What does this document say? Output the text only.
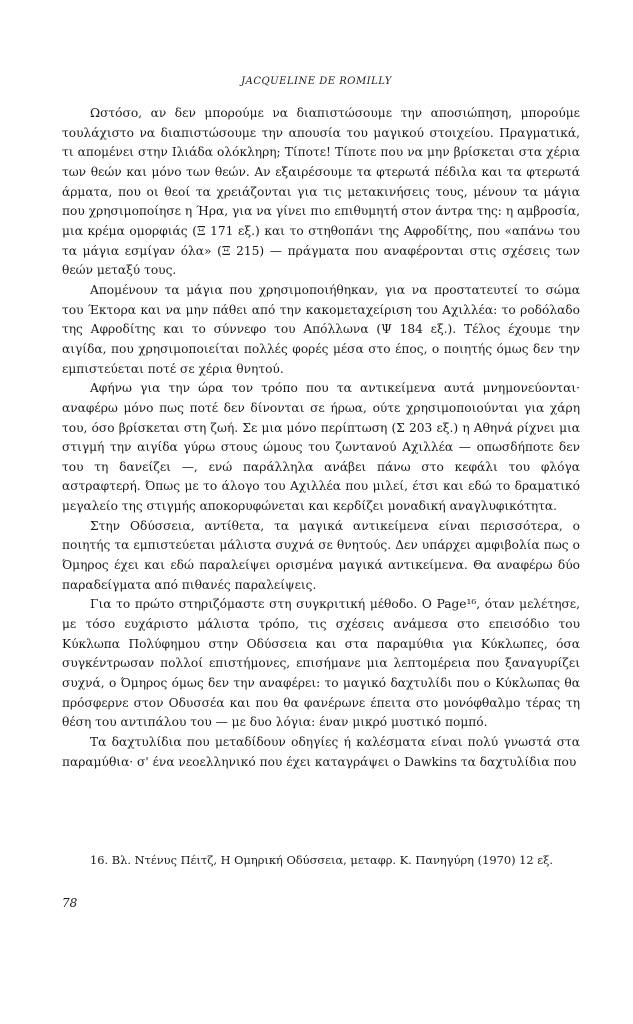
JACQUELINE DE ROMILLY

Ωστόσο, αν δεν μπορούμε να διαπιστώσουμε την αποσιώπηση, μπορούμε τουλάχιστο να διαπιστώσουμε την απουσία του μαγικού στοιχείου. Πραγματικά, τι απομένει στην Ιλιάδα ολόκληρη; Τίποτε! Τίποτε που να μην βρίσκεται στα χέρια των θεών και μόνο των θεών. Αν εξαιρέσουμε τα φτερωτά πέδιλα και τα φτερωτά άρματα, που οι θεοί τα χρειάζονται για τις μετακινήσεις τους, μένουν τα μάγια που χρησιμοποίησε η Ήρα, για να γίνει πιο επιθυμητή στον άντρα της: η αμβροσία, μια κρέμα ομορφιάς (Ξ 171 εξ.) και το στηθοπάνι της Αφροδίτης, που «απάνω του τα μάγια εσμίγαν όλα» (Ξ 215) — πράγματα που αναφέρονται στις σχέσεις των θεών μεταξύ τους.

Απομένουν τα μάγια που χρησιμοποιήθηκαν, για να προστατευτεί το σώμα του Έκτορα και να μην πάθει από την κακομεταχείριση του Αχιλλέα: το ροδόλαδο της Αφροδίτης και το σύννεφο του Απόλλωνα (Ψ 184 εξ.). Τέλος έχουμε την αιγίδα, που χρησιμοποιείται πολλές φορές μέσα στο έπος, ο ποιητής όμως δεν την εμπιστεύεται ποτέ σε χέρια θνητού.

Αφήνω για την ώρα τον τρόπο που τα αντικείμενα αυτά μνημονεύονται· αναφέρω μόνο πως ποτέ δεν δίνονται σε ήρωα, ούτε χρησιμοποιούνται για χάρη του, όσο βρίσκεται στη ζωή. Σε μια μόνο περίπτωση (Σ 203 εξ.) η Αθηνά ρίχνει μια στιγμή την αιγίδα γύρω στους ώμους του ζωντανού Αχιλλέα — οπωσδήποτε δεν του τη δανείζει —, ενώ παράλληλα ανάβει πάνω στο κεφάλι του φλόγα αστραφτερή. Όπως με το άλογο του Αχιλλέα που μιλεί, έτσι και εδώ το δραματικό μεγαλείο της στιγμής αποκορυφώνεται και κερδίζει μοναδική αναγλυφικότητα.

Στην Οδύσσεια, αντίθετα, τα μαγικά αντικείμενα είναι περισσότερα, ο ποιητής τα εμπιστεύεται μάλιστα συχνά σε θνητούς. Δεν υπάρχει αμφιβολία πως ο Όμηρος έχει και εδώ παραλείψει ορισμένα μαγικά αντικείμενα. Θα αναφέρω δύο παραδείγματα από πιθανές παραλείψεις.

Για το πρώτο στηριζόμαστε στη συγκριτική μέθοδο. Ο Page¹⁶, όταν μελέτησε, με τόσο ευχάριστο μάλιστα τρόπο, τις σχέσεις ανάμεσα στο επεισόδιο του Κύκλωπα Πολύφημου στην Οδύσσεια και στα παραμύθια για Κύκλωπες, όσα συγκέντρωσαν πολλοί επιστήμονες, επισήμανε μια λεπτομέρεια που ξαναγυρίζει συχνά, ο Όμηρος όμως δεν την αναφέρει: το μαγικό δαχτυλίδι που ο Κύκλωπας θα πρόσφερνε στον Οδυσσέα και που θα φανέρωνε έπειτα στο μονόφθαλμο τέρας τη θέση του αντιπάλου του — με δυο λόγια: έναν μικρό μυστικό πομπό.

Τα δαχτυλίδια που μεταδίδουν οδηγίες ή καλέσματα είναι πολύ γνωστά στα παραμύθια· σ' ένα νεοελληνικό που έχει καταγράψει ο Dawkins τα δαχτυλίδια που

16. Βλ. Ντένυς Πέιτζ, Η Ομηρική Οδύσσεια, μεταφρ. Κ. Πανηγύρη (1970) 12 εξ.
78
